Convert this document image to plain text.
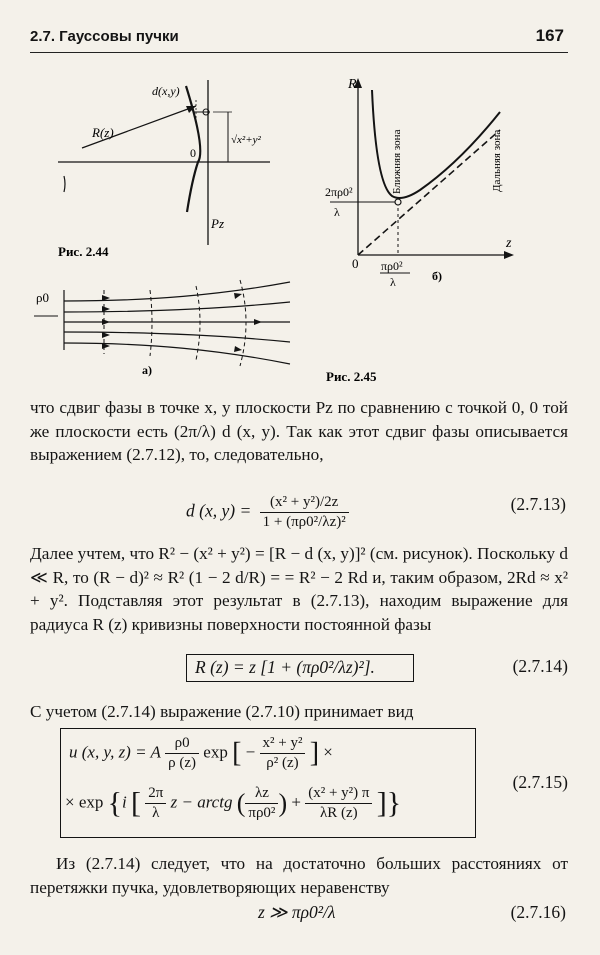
2.7. Гауссовы пучки	167
d(x,y)
R(z)	√x²+y²
0
Pz
Рис. 2.44
ρ0
а)
R
z
0
2πρ0²
λ
πρ0²
λ	б)
Ближняя зона	Дальняя зона
Рис. 2.45
что сдвиг фазы в точке x, y плоскости Pz по сравнению с точкой 0, 0 той же плоскости есть (2π/λ) d (x, y). Так как этот сдвиг фазы описывается выражением (2.7.12), то, следовательно,
d (x, $y) = \frac{\text{(x² + y²)/2z}}{\text{1 + (πρ0²/λz)²}}$	(2.7.13)
Далее учтем, что R² − (x² + y²) = [R − d (x, y)]² (см. рисунок). Поскольку d ≪ R, то (R − d)² ≈ R² (1 − 2 d/R) = = R² − 2 Rd и, таким образом, 2Rd ≈ x² + y². Подставляя этот результат в (2.7.13), находим выражение для радиуса R (z) кривизны поверхности постоянной фазы
R (z) = z [1 + (πρ0²/λz)²].	(2.7.14)
С учетом (2.7.14) выражение (2.7.10) принимает вид
u (x, y, z) = A $\frac{\rho 0}{\rho (z)}$ exp [ − $\frac{\text{x² + y²}}{\text{ρ² (z)}}$ ] ×
× exp {i [ $\frac{2\pi}{\lambda}$ z − arctg ( $\frac{\lambda z}{\text{πρ0²}}$ ) + $\frac{\text{(x² + y²) π}}{\lambda R (z)}$ ]}
(2.7.15)
Из (2.7.14) следует, что на достаточно больших расстояниях от перетяжки пучка, удовлетворяющих неравенству
z ≫ πρ0²/λ	(2.7.16)
